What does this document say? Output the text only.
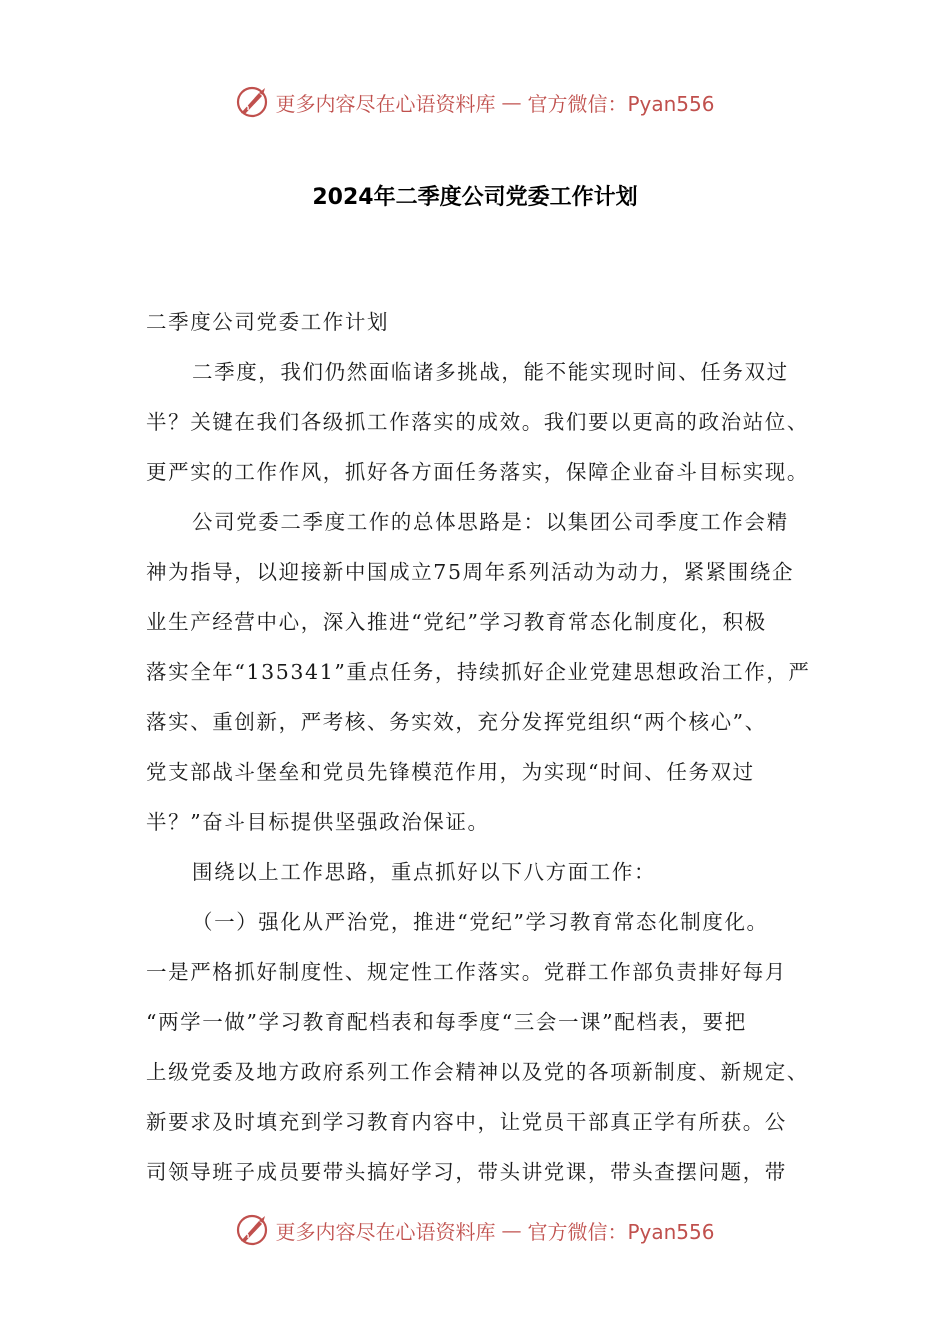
更多内容尽在心语资料库 — 官方微信：Pyan556
2024年二季度公司党委工作计划
二季度公司党委工作计划
二季度，我们仍然面临诸多挑战，能不能实现时间、任务双过
半？关键在我们各级抓工作落实的成效。我们要以更高的政治站位、
更严实的工作作风，抓好各方面任务落实，保障企业奋斗目标实现。
公司党委二季度工作的总体思路是：以集团公司季度工作会精
神为指导，以迎接新中国成立75周年系列活动为动力，紧紧围绕企
业生产经营中心，深入推进“党纪”学习教育常态化制度化，积极
落实全年“135341”重点任务，持续抓好企业党建思想政治工作，严
落实、重创新，严考核、务实效，充分发挥党组织“两个核心”、
党支部战斗堡垒和党员先锋模范作用，为实现“时间、任务双过
半？”奋斗目标提供坚强政治保证。
围绕以上工作思路，重点抓好以下八方面工作：
（一）强化从严治党，推进“党纪”学习教育常态化制度化。
一是严格抓好制度性、规定性工作落实。党群工作部负责排好每月
“两学一做”学习教育配档表和每季度“三会一课”配档表，要把
上级党委及地方政府系列工作会精神以及党的各项新制度、新规定、
新要求及时填充到学习教育内容中，让党员干部真正学有所获。公
司领导班子成员要带头搞好学习，带头讲党课，带头查摆问题，带
更多内容尽在心语资料库 — 官方微信：Pyan556
